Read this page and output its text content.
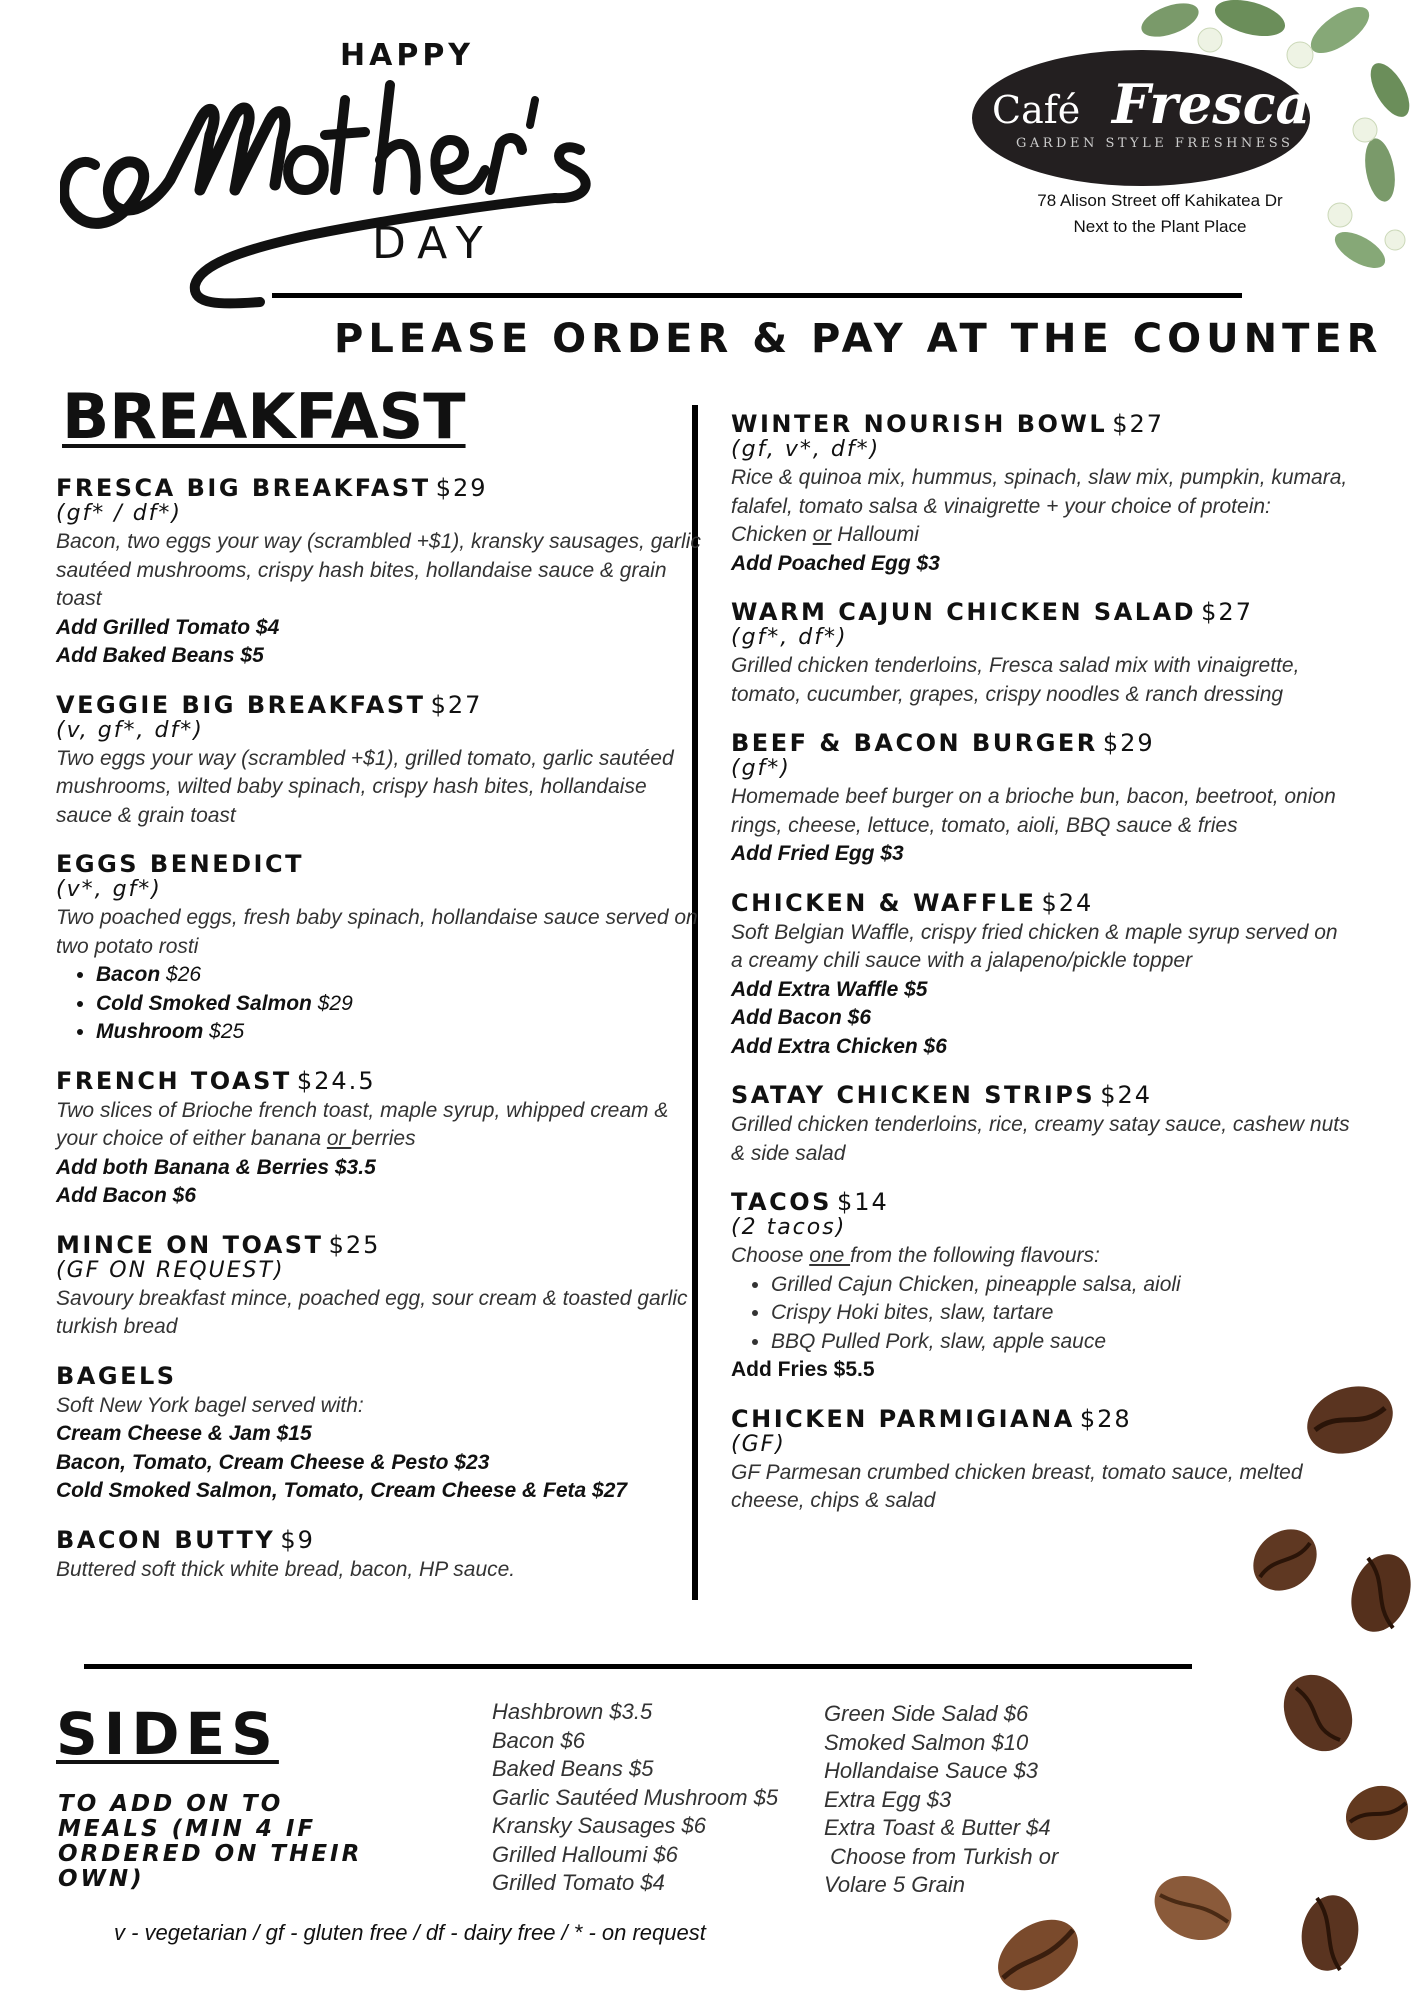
HAPPY
DAY
Café Fresca
GARDEN STYLE FRESHNESS
78 Alison Street off Kahikatea Dr
Next to the Plant Place
PLEASE ORDER & PAY AT THE COUNTER
BREAKFAST
FRESCA BIG BREAKFAST $29
(gf* / df*)
Bacon, two eggs your way (scrambled +$1), kransky sausages, garlic sautéed mushrooms, crispy hash bites, hollandaise sauce & grain toast
Add Grilled Tomato $4
Add Baked Beans $5
VEGGIE BIG BREAKFAST $27
(v, gf*, df*)
Two eggs your way (scrambled +$1), grilled tomato, garlic sautéed mushrooms, wilted baby spinach, crispy hash bites, hollandaise sauce & grain toast
EGGS BENEDICT
(v*, gf*)
Two poached eggs, fresh baby spinach, hollandaise sauce served on two potato rosti
• Bacon $26
• Cold Smoked Salmon $29
• Mushroom $25
FRENCH TOAST $24.5
Two slices of Brioche french toast, maple syrup, whipped cream & your choice of either banana or berries
Add both Banana & Berries $3.5
Add Bacon $6
MINCE ON TOAST $25
(GF ON REQUEST)
Savoury breakfast mince, poached egg, sour cream & toasted garlic turkish bread
BAGELS
Soft New York bagel served with:
Cream Cheese & Jam $15
Bacon, Tomato, Cream Cheese & Pesto $23
Cold Smoked Salmon, Tomato, Cream Cheese & Feta $27
BACON BUTTY $9
Buttered soft thick white bread, bacon, HP sauce.
WINTER NOURISH BOWL $27
(gf, v*, df*)
Rice & quinoa mix, hummus, spinach, slaw mix, pumpkin, kumara, falafel, tomato salsa & vinaigrette + your choice of protein: Chicken or Halloumi
Add Poached Egg $3
WARM CAJUN CHICKEN SALAD $27
(gf*, df*)
Grilled chicken tenderloins, Fresca salad mix with vinaigrette, tomato, cucumber, grapes, crispy noodles & ranch dressing
BEEF & BACON BURGER $29
(gf*)
Homemade beef burger on a brioche bun, bacon, beetroot, onion rings, cheese, lettuce, tomato, aioli, BBQ sauce & fries
Add Fried Egg $3
CHICKEN & WAFFLE $24
Soft Belgian Waffle, crispy fried chicken & maple syrup served on a creamy chili sauce with a jalapeno/pickle topper
Add Extra Waffle $5
Add Bacon $6
Add Extra Chicken $6
SATAY CHICKEN STRIPS $24
Grilled chicken tenderloins, rice, creamy satay sauce, cashew nuts & side salad
TACOS $14
(2 tacos)
Choose one from the following flavours:
• Grilled Cajun Chicken, pineapple salsa, aioli
• Crispy Hoki bites, slaw, tartare
• BBQ Pulled Pork, slaw, apple sauce
Add Fries $5.5
CHICKEN PARMIGIANA $28
(GF)
GF Parmesan crumbed chicken breast, tomato sauce, melted cheese, chips & salad
SIDES
TO ADD ON TO MEALS (MIN 4 IF ORDERED ON THEIR OWN)
Hashbrown $3.5
Bacon $6
Baked Beans $5
Garlic Sautéed Mushroom $5
Kransky Sausages $6
Grilled Halloumi $6
Grilled Tomato $4
Green Side Salad $6
Smoked Salmon $10
Hollandaise Sauce $3
Extra Egg $3
Extra Toast & Butter $4
Choose from Turkish or
Volare 5 Grain
v - vegetarian / gf - gluten free / df - dairy free / * - on request
